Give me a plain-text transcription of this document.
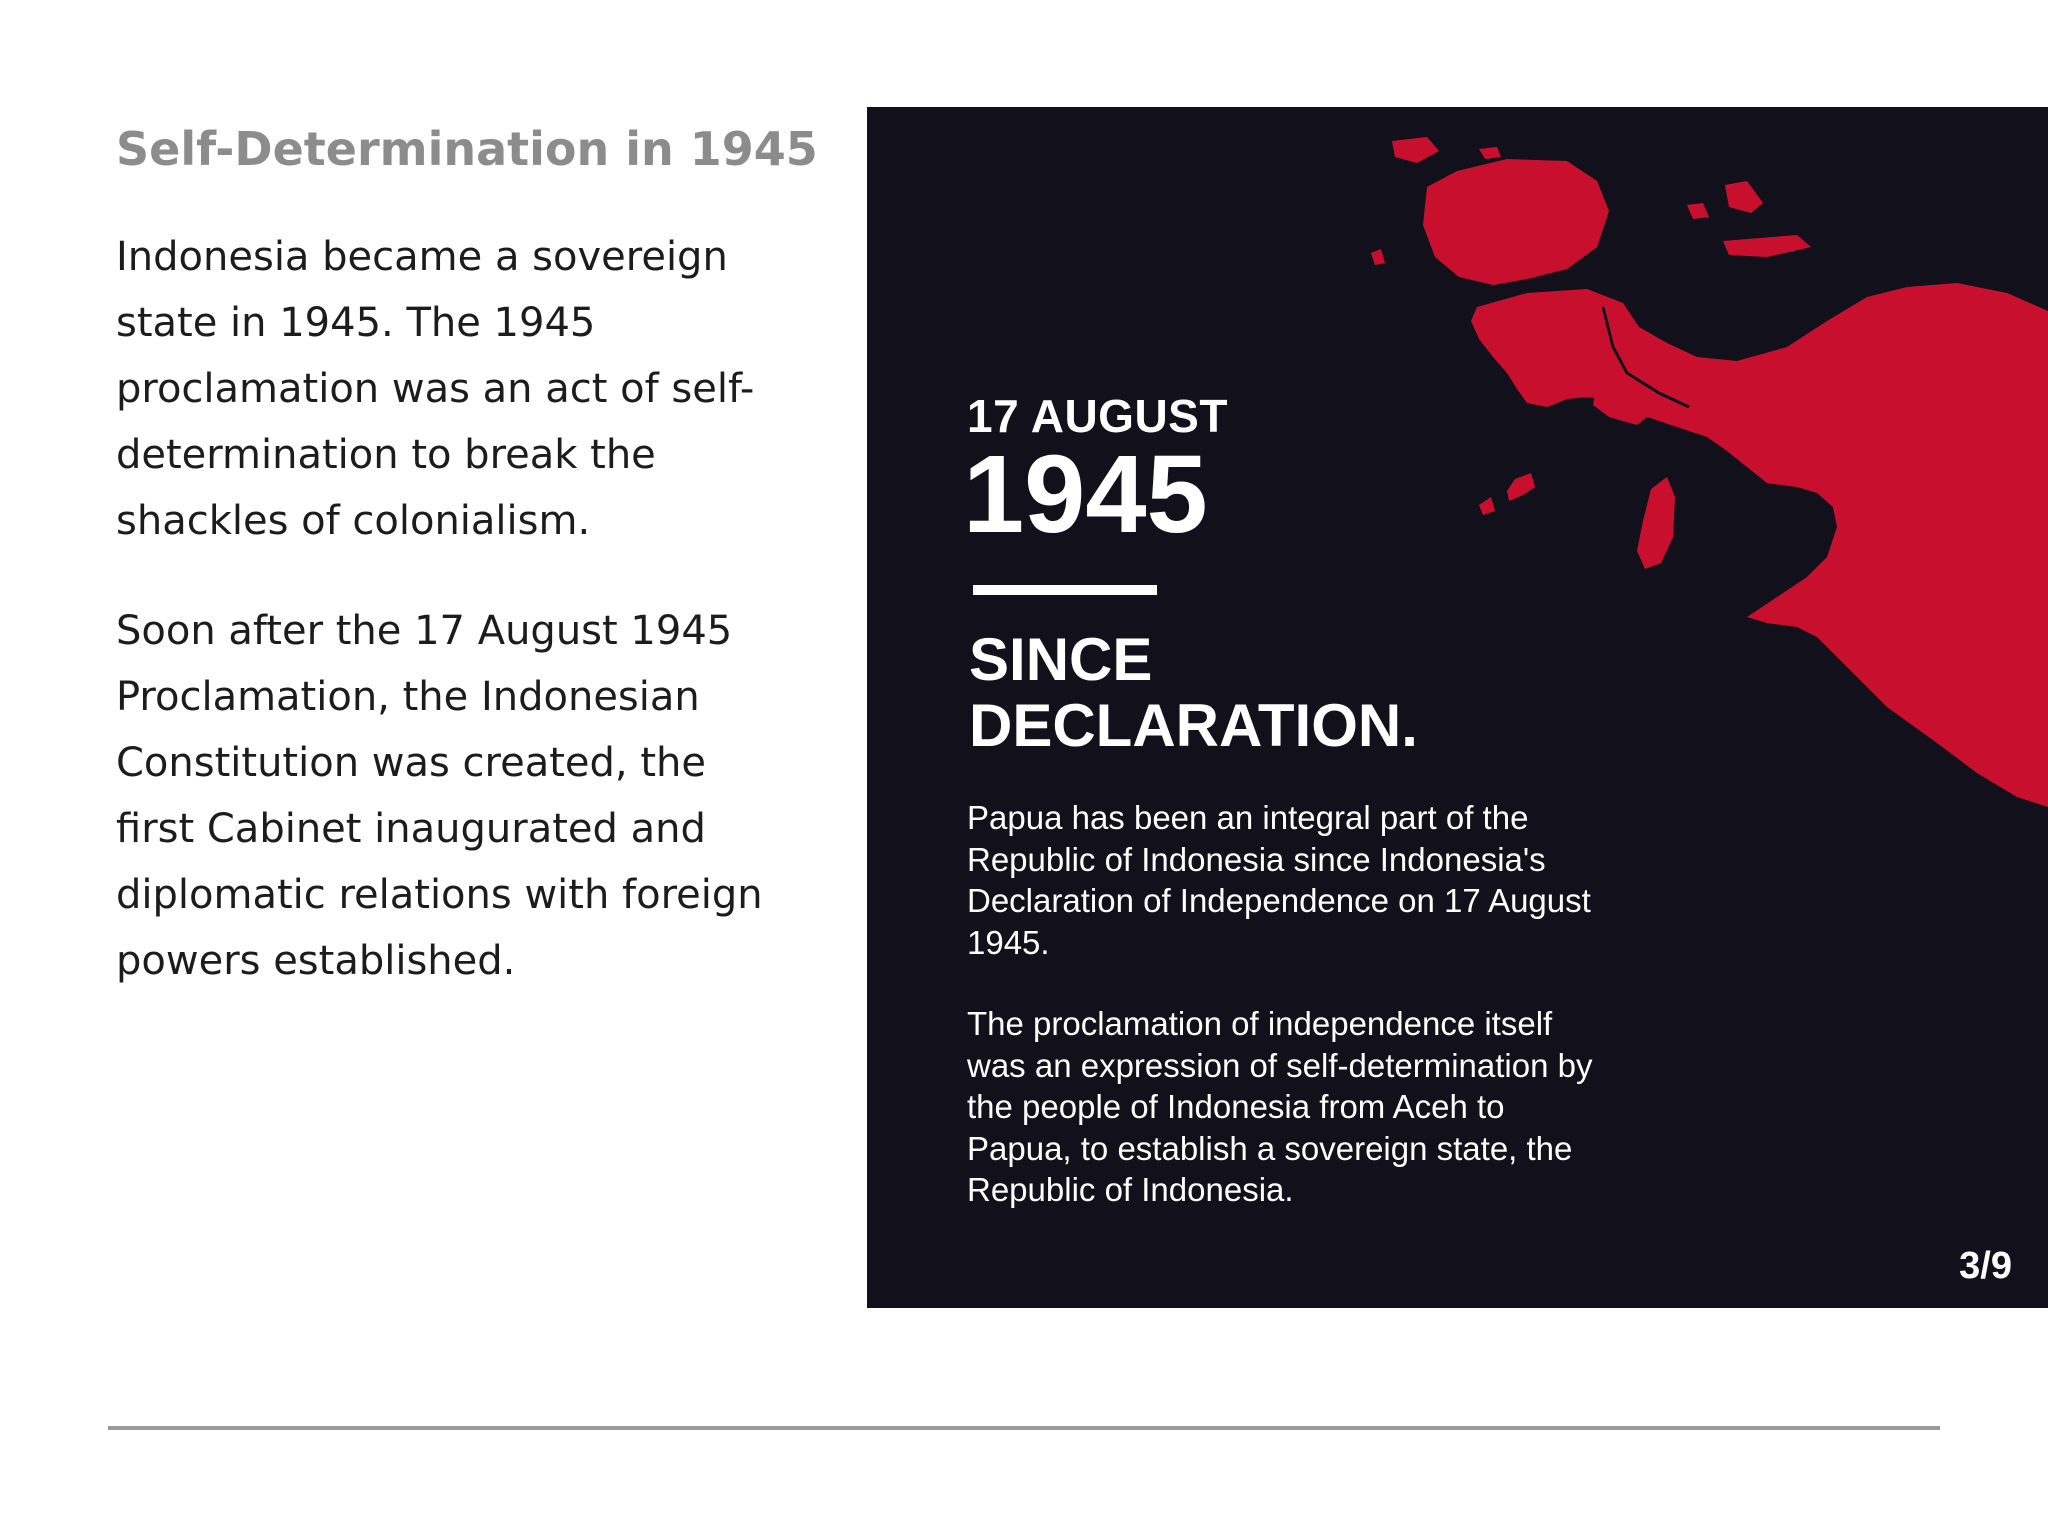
Self-Determination in 1945

Indonesia became a sovereign state in 1945. The 1945 proclamation was an act of self-determination to break the shackles of colonialism.

Soon after the 17 August 1945 Proclamation, the Indonesian Constitution was created, the first Cabinet inaugurated and diplomatic relations with foreign powers established.

17 AUGUST
1945
SINCE
DECLARATION.

Papua has been an integral part of the Republic of Indonesia since Indonesia's Declaration of Independence on 17 August 1945.

The proclamation of independence itself was an expression of self-determination by the people of Indonesia from Aceh to Papua, to establish a sovereign state, the Republic of Indonesia.

3/9
